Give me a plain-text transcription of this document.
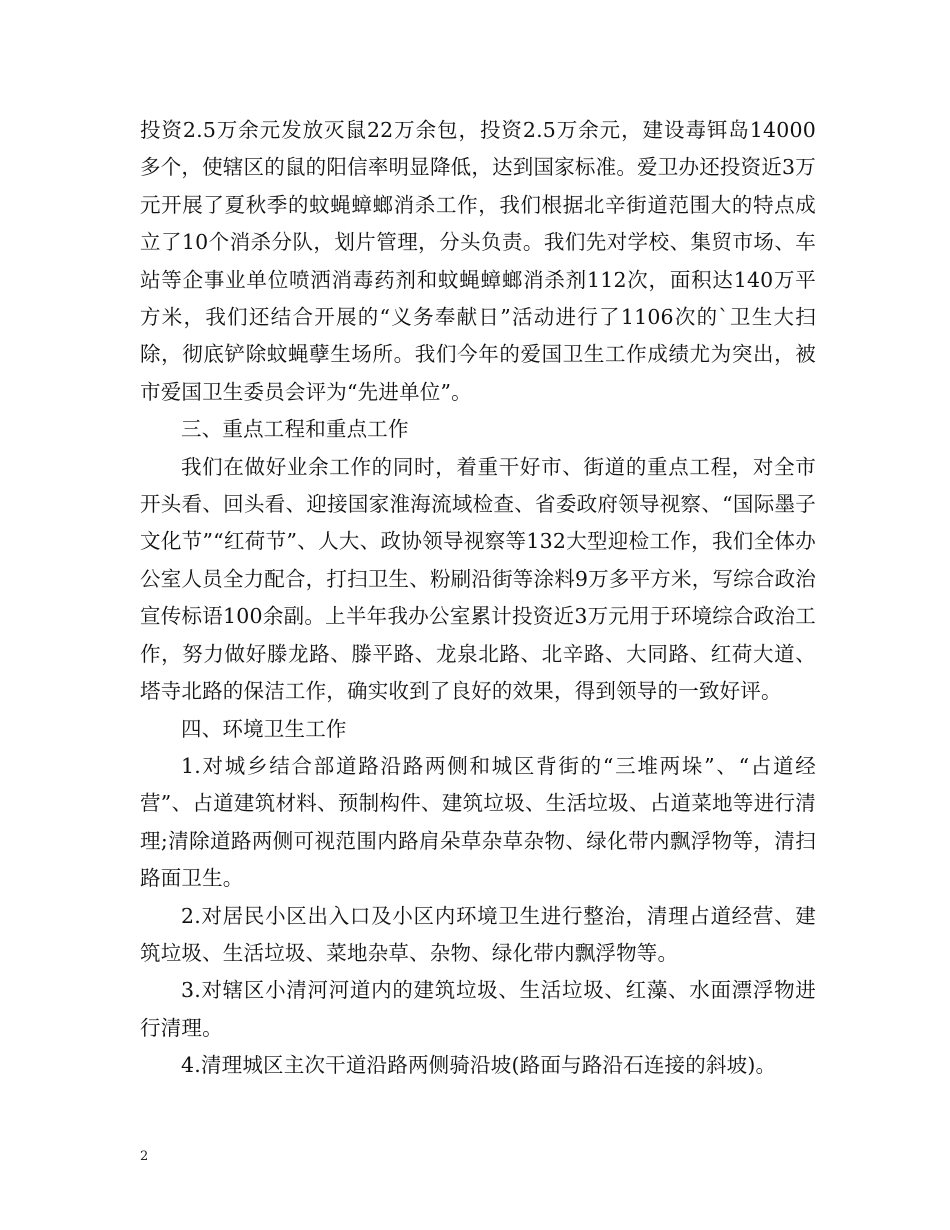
投资2.5万余元发放灭鼠22万余包，投资2.5万余元，建设毒铒岛14000多个，使辖区的鼠的阳信率明显降低，达到国家标准。爱卫办还投资近3万元开展了夏秋季的蚊蝇蟑螂消杀工作，我们根据北辛街道范围大的特点成立了10个消杀分队，划片管理，分头负责。我们先对学校、集贸市场、车站等企事业单位喷洒消毒药剂和蚊蝇蟑螂消杀剂112次，面积达140万平方米，我们还结合开展的“义务奉献日”活动进行了1106次的`卫生大扫除，彻底铲除蚊蝇孽生场所。我们今年的爱国卫生工作成绩尤为突出，被市爱国卫生委员会评为“先进单位”。

三、重点工程和重点工作

我们在做好业余工作的同时，着重干好市、街道的重点工程，对全市开头看、回头看、迎接国家淮海流域检查、省委政府领导视察、“国际墨子文化节”“红荷节”、人大、政协领导视察等132大型迎检工作，我们全体办公室人员全力配合，打扫卫生、粉刷沿街等涂料9万多平方米，写综合政治宣传标语100余副。上半年我办公室累计投资近3万元用于环境综合政治工作，努力做好滕龙路、滕平路、龙泉北路、北辛路、大同路、红荷大道、塔寺北路的保洁工作，确实收到了良好的效果，得到领导的一致好评。

四、环境卫生工作

1.对城乡结合部道路沿路两侧和城区背街的“三堆两垛”、“占道经营”、占道建筑材料、预制构件、建筑垃圾、生活垃圾、占道菜地等进行清理;清除道路两侧可视范围内路肩朵草杂草杂物、绿化带内飘浮物等，清扫路面卫生。

2.对居民小区出入口及小区内环境卫生进行整治，清理占道经营、建筑垃圾、生活垃圾、菜地杂草、杂物、绿化带内飘浮物等。

3.对辖区小清河河道内的建筑垃圾、生活垃圾、红藻、水面漂浮物进行清理。

4.清理城区主次干道沿路两侧骑沿坡(路面与路沿石连接的斜坡)。

2
